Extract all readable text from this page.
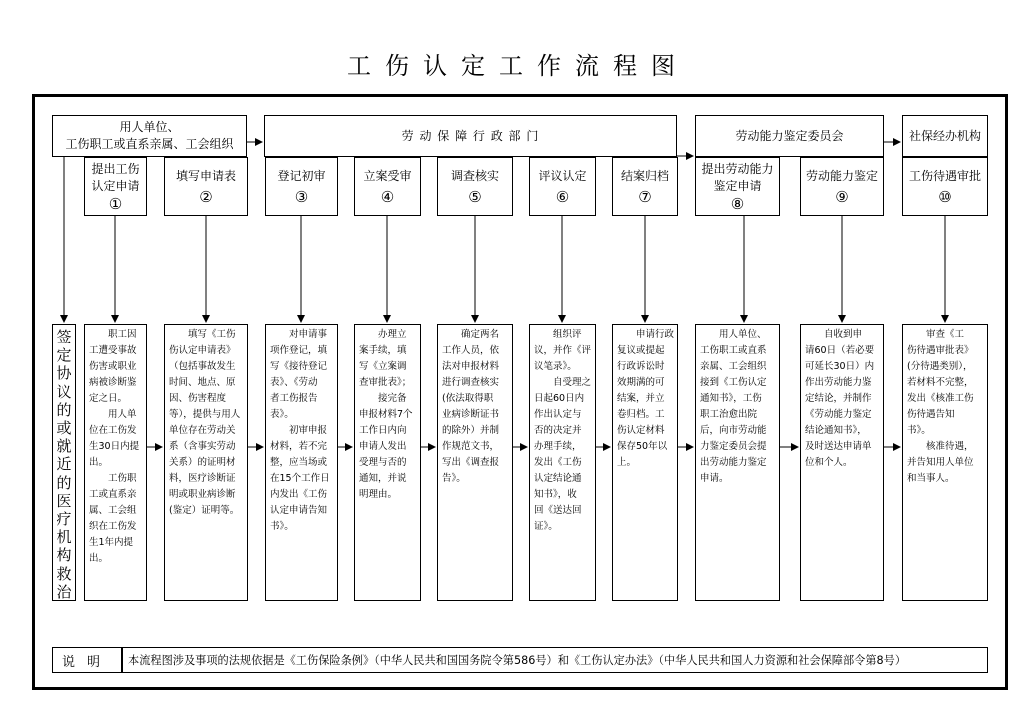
工伤认定工作流程图
用人单位、
工伤职工或直系亲属、工会组织
劳 动 保 障 行 政 部 门	劳动能力鉴定委员会	社保经办机构
提出工伤
认定申请
①
填写申请表
②
登记初审
③
立案受审
④
调查核实
⑤
评议认定
⑥
结案归档
⑦
提出劳动能力
鉴定申请
⑧
劳动能力鉴定
⑨
工伤待遇审批
⑩
签
定
协
议
的
或
就
近
的
医
疗
机
构
救
治
　　职工因
工遭受事故
伤害或职业
病被诊断鉴
定之日。
　　用人单
位在工伤发
生30日内提
出。
　　工伤职
工或直系亲
属、工会组
织在工伤发
生1年内提
出。
　　填写《工伤
伤认定申请表》
（包括事故发生
时间、地点、原
因、伤害程度
等），提供与用人
单位存在劳动关
系（含事实劳动
关系）的证明材
料，医疗诊断证
明或职业病诊断
(鉴定）证明等。
　　对申请事
项作登记，填
写《接待登记
表》、《劳动
者工伤报告
表》。
　　初审申报
材料，若不完
整，应当场或
在15个工作日
内发出《工伤
认定申请告知
书》。
　　办理立
案手续，填
写《立案调
查审批表》；
　　接完备
申报材料7个
工作日内向
申请人发出
受理与否的
通知，并说
明理由。
　　确定两名
工作人员，依
法对申报材料
进行调查核实
(依法取得职
业病诊断证书
的除外）并制
作规范文书，
写出《调查报
告》。
　　组织评
议，并作《评
议笔录》。
　　自受理之
日起60日内
作出认定与
否的决定并
办理手续，
发出《工伤
认定结论通
知书》，收
回《送达回
证》。
　　申请行政
复议或提起
行政诉讼时
效期满的可
结案，并立
卷归档。工
伤认定材料
保存50年以
上。
　　用人单位、
工伤职工或直系
亲属、工会组织
接到《工伤认定
通知书》，工伤
职工治愈出院
后，向市劳动能
力鉴定委员会提
出劳动能力鉴定
申请。
　　自收到申
请60日（若必要
可延长30日）内
作出劳动能力鉴
定结论，并制作
《劳动能力鉴定
结论通知书》，
及时送达申请单
位和个人。
　　审查《工
伤待遇审批表》
(分待遇类别），
若材料不完整，
发出《核准工伤
伤待遇告知
书》。
　　核准待遇，
并告知用人单位
和当事人。
说明	本流程图涉及事项的法规依据是《工伤保险条例》（中华人民共和国国务院令第586号）和《工伤认定办法》（中华人民共和国人力资源和社会保障部令第8号）
